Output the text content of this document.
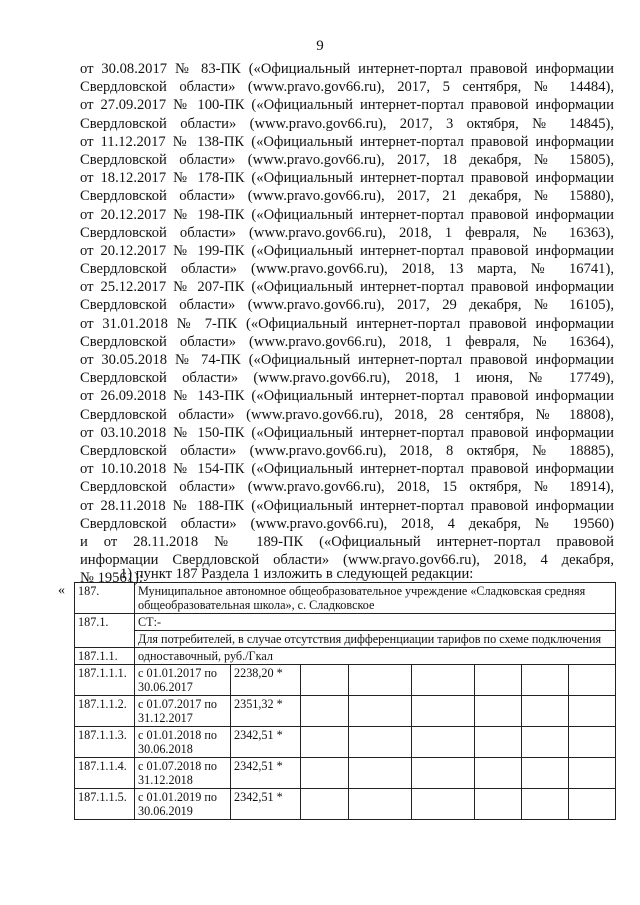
9
от 30.08.2017 № 83-ПК («Официальный интернет-портал правовой информации
Свердловской области» (www.pravo.gov66.ru), 2017, 5 сентября, № 14484),
от 27.09.2017 № 100-ПК («Официальный интернет-портал правовой информации
Свердловской области» (www.pravo.gov66.ru), 2017, 3 октября, № 14845),
от 11.12.2017 № 138-ПК («Официальный интернет-портал правовой информации
Свердловской области» (www.pravo.gov66.ru), 2017, 18 декабря, № 15805),
от 18.12.2017 № 178-ПК («Официальный интернет-портал правовой информации
Свердловской области» (www.pravo.gov66.ru), 2017, 21 декабря, № 15880),
от 20.12.2017 № 198-ПК («Официальный интернет-портал правовой информации
Свердловской области» (www.pravo.gov66.ru), 2018, 1 февраля, № 16363),
от 20.12.2017 № 199-ПК («Официальный интернет-портал правовой информации
Свердловской области» (www.pravo.gov66.ru), 2018, 13 марта, № 16741),
от 25.12.2017 № 207-ПК («Официальный интернет-портал правовой информации
Свердловской области» (www.pravo.gov66.ru), 2017, 29 декабря, № 16105),
от 31.01.2018 № 7-ПК («Официальный интернет-портал правовой информации
Свердловской области» (www.pravo.gov66.ru), 2018, 1 февраля, № 16364),
от 30.05.2018 № 74-ПК («Официальный интернет-портал правовой информации
Свердловской области» (www.pravo.gov66.ru), 2018, 1 июня, № 17749),
от 26.09.2018 № 143-ПК («Официальный интернет-портал правовой информации
Свердловской области» (www.pravo.gov66.ru), 2018, 28 сентября, № 18808),
от 03.10.2018 № 150-ПК («Официальный интернет-портал правовой информации
Свердловской области» (www.pravo.gov66.ru), 2018, 8 октября, № 18885),
от 10.10.2018 № 154-ПК («Официальный интернет-портал правовой информации
Свердловской области» (www.pravo.gov66.ru), 2018, 15 октября, № 18914),
от 28.11.2018 № 188-ПК («Официальный интернет-портал правовой информации
Свердловской области» (www.pravo.gov66.ru), 2018, 4 декабря, № 19560)
и от 28.11.2018 № 189-ПК («Официальный интернет-портал правовой
информации Свердловской области» (www.pravo.gov66.ru), 2018, 4 декабря,
№ 19561):
1) пункт 187 Раздела 1 изложить в следующей редакции:
« 187.	Муниципальное автономное общеобразовательное учреждение «Сладковская средняя общеобразовательная школа», с. Сладковское							
187.1.	СТ:-							
	Для потребителей, в случае отсутствия дифференциации тарифов по схеме подключения							
187.1.1.	одноставочный, руб./Гкал							
187.1.1.1.	с 01.01.2017 по 30.06.2017	2238,20 *						
187.1.1.2.	с 01.07.2017 по 31.12.2017	2351,32 *						
187.1.1.3.	с 01.01.2018 по 30.06.2018	2342,51 *						
187.1.1.4.	с 01.07.2018 по 31.12.2018	2342,51 *						
187.1.1.5.	с 01.01.2019 по 30.06.2019	2342,51 *						
